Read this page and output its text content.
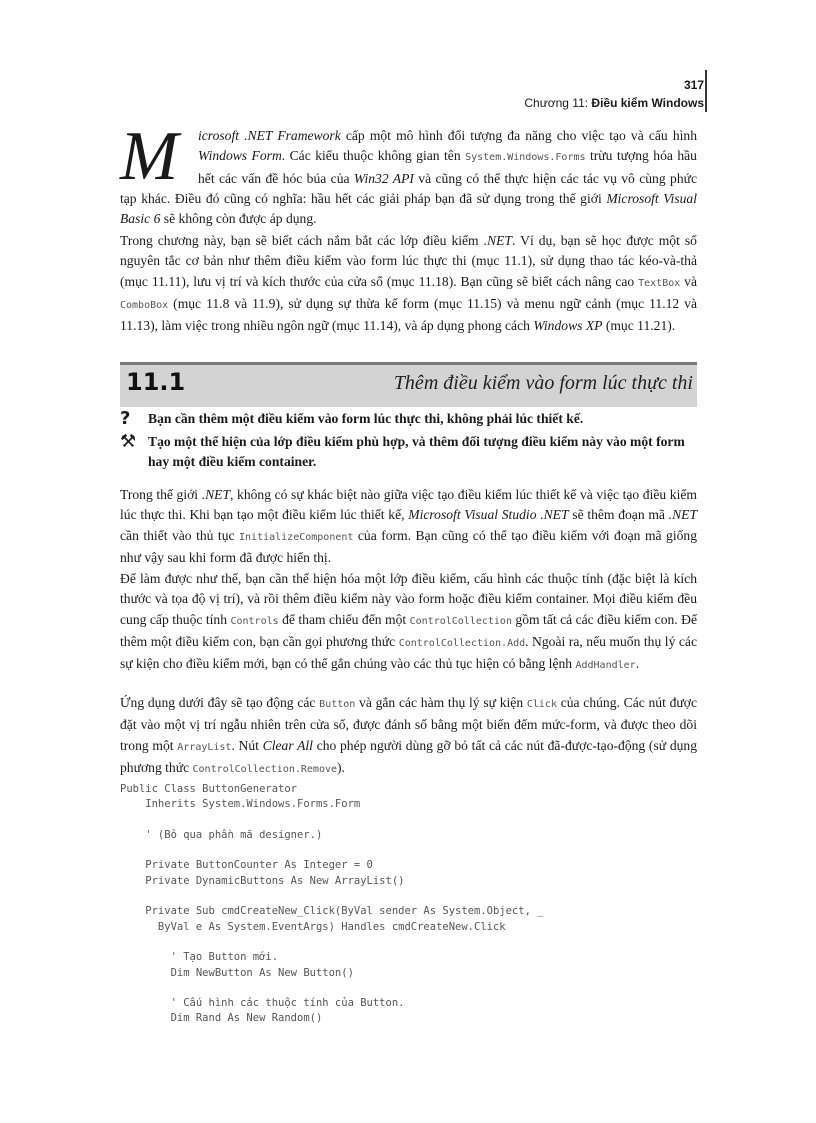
317
Chương 11: Điều kiểm Windows

M	icrosoft .NET Framework cấp một mô hình đối tượng đa năng cho việc tạo và cấu hình Windows Form. Các kiểu thuộc không gian tên System.Windows.Forms trừu tượng hóa hầu hết các vấn đề hóc búa của Win32 API và cũng có thể thực hiện các tác vụ vô cùng phức tạp khác. Điều đó cũng có nghĩa: hầu hết các giải pháp bạn đã sử dụng trong thế giới Microsoft Visual Basic 6 sẽ không còn được áp dụng.

Trong chương này, bạn sẽ biết cách nắm bắt các lớp điều kiểm .NET. Ví dụ, bạn sẽ học được một số nguyên tắc cơ bản như thêm điều kiểm vào form lúc thực thi (mục 11.1), sử dụng thao tác kéo-và-thả (mục 11.11), lưu vị trí và kích thước của cửa sổ (mục 11.18). Bạn cũng sẽ biết cách nâng cao TextBox và ComboBox (mục 11.8 và 11.9), sử dụng sự thừa kế form (mục 11.15) và menu ngữ cảnh (mục 11.12 và 11.13), làm việc trong nhiều ngôn ngữ (mục 11.14), và áp dụng phong cách Windows XP (mục 11.21).

11.1	Thêm điều kiểm vào form lúc thực thi
?	Bạn cần thêm một điều kiểm vào form lúc thực thi, không phải lúc thiết kế.
⚒ Tạo một thể hiện của lớp điều kiểm phù hợp, và thêm đối tượng điều kiểm này vào một form hay một điều kiểm container.

Trong thế giới .NET, không có sự khác biệt nào giữa việc tạo điều kiểm lúc thiết kế và việc tạo điều kiểm lúc thực thi. Khi bạn tạo một điều kiểm lúc thiết kế, Microsoft Visual Studio .NET sẽ thêm đoạn mã .NET cần thiết vào thủ tục InitializeComponent của form. Bạn cũng có thể tạo điều kiểm với đoạn mã giống như vậy sau khi form đã được hiển thị.

Để làm được như thế, bạn cần thể hiện hóa một lớp điều kiểm, cấu hình các thuộc tính (đặc biệt là kích thước và tọa độ vị trí), và rồi thêm điều kiểm này vào form hoặc điều kiểm container. Mọi điều kiểm đều cung cấp thuộc tính Controls để tham chiếu đến một ControlCollection gồm tất cả các điều kiểm con. Để thêm một điều kiểm con, bạn cần gọi phương thức ControlCollection.Add. Ngoài ra, nếu muốn thụ lý các sự kiện cho điều kiểm mới, bạn có thể gắn chúng vào các thủ tục hiện có bằng lệnh AddHandler.

Ứng dụng dưới đây sẽ tạo động các Button và gắn các hàm thụ lý sự kiện Click của chúng. Các nút được đặt vào một vị trí ngẫu nhiên trên cửa sổ, được đánh số bằng một biến đếm mức-form, và được theo dõi trong một ArrayList. Nút Clear All cho phép người dùng gỡ bỏ tất cả các nút đã-được-tạo-động (sử dụng phương thức ControlCollection.Remove).

Public Class ButtonGenerator
Inherits System.Windows.Forms.Form

' (Bỏ qua phần mã designer.)

Private ButtonCounter As Integer = 0
Private DynamicButtons As New ArrayList()

Private Sub cmdCreateNew_Click(ByVal sender As System.Object, _
ByVal e As System.EventArgs) Handles cmdCreateNew.Click

' Tạo Button mới.
Dim NewButton As New Button()

' Cấu hình các thuộc tính của Button.
Dim Rand As New Random()
